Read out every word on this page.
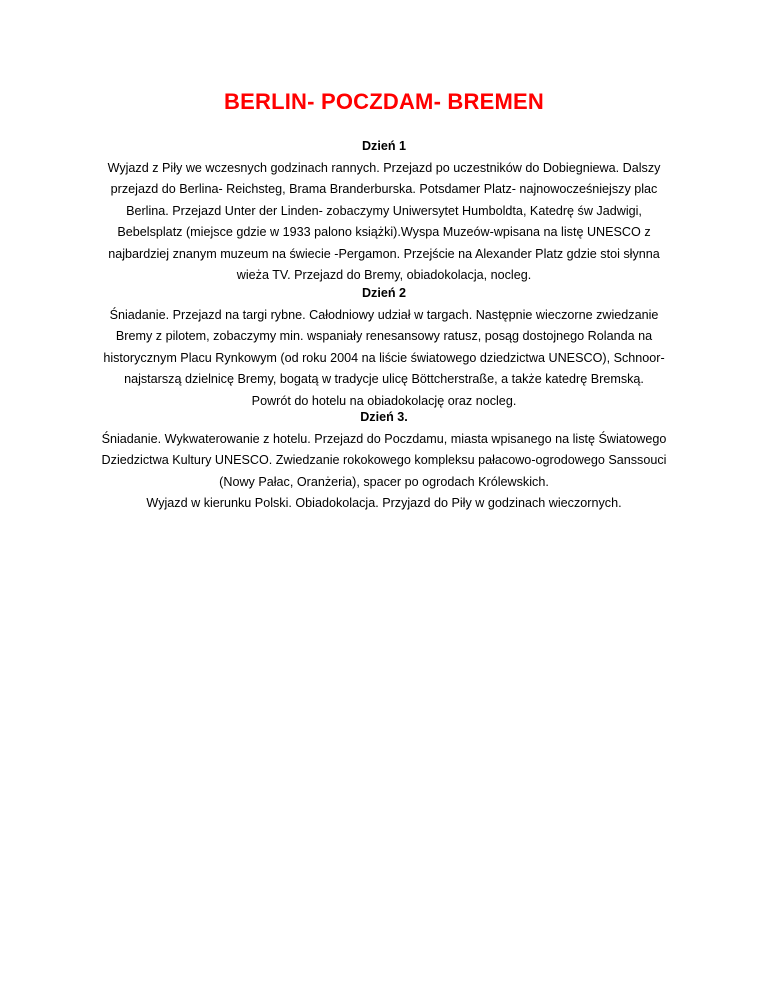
BERLIN- POCZDAM- BREMEN
Dzień 1

Wyjazd z Piły we wczesnych godzinach rannych. Przejazd po uczestników do Dobiegniewa. Dalszy
przejazd do Berlina- Reichsteg, Brama Branderburska. Potsdamer Platz- najnowocześniejszy plac
Berlina. Przejazd Unter der Linden- zobaczymy Uniwersytet Humboldta, Katedrę św Jadwigi,
Bebelsplatz (miejsce gdzie w 1933 palono książki).Wyspa Muzeów-wpisana na listę UNESCO z
najbardziej znanym muzeum na świecie -Pergamon. Przejście na Alexander Platz gdzie stoi słynna
wieża TV. Przejazd do Bremy, obiadokolacja, nocleg.

Dzień 2

Śniadanie. Przejazd na targi rybne. Całodniowy udział w targach. Następnie wieczorne zwiedzanie
Bremy z pilotem, zobaczymy min. wspaniały renesansowy ratusz, posąg dostojnego Rolanda na
historycznym Placu Rynkowym (od roku 2004 na liście światowego dziedzictwa UNESCO), Schnoor-
najstarszą dzielnicę Bremy, bogatą w tradycje ulicę Böttcherstraße, a także katedrę Bremską.
Powrót do hotelu na obiadokolację oraz nocleg.

Dzień 3.

Śniadanie. Wykwaterowanie z hotelu. Przejazd do Poczdamu, miasta wpisanego na listę Światowego
Dziedzictwa Kultury UNESCO. Zwiedzanie rokokowego kompleksu pałacowo-ogrodowego Sanssouci
(Nowy Pałac, Oranżeria), spacer po ogrodach Królewskich.
Wyjazd w kierunku Polski. Obiadokolacja. Przyjazd do Piły w godzinach wieczornych.
